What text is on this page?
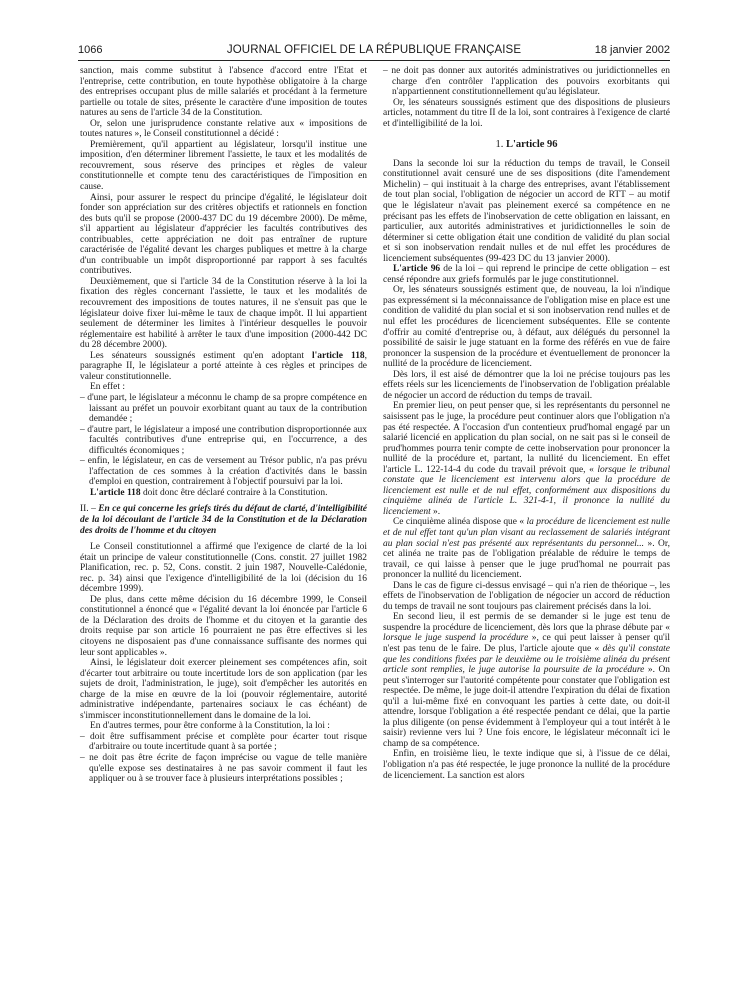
1066	JOURNAL OFFICIEL DE LA RÉPUBLIQUE FRANÇAISE	18 janvier 2002

sanction, mais comme substitut à l'absence d'accord entre l'Etat et l'entreprise, cette contribution, en toute hypothèse obligatoire à la charge des entreprises occupant plus de mille salariés et procédant à la fermeture partielle ou totale de sites, présente le caractère d'une imposition de toutes natures au sens de l'article 34 de la Constitution.

Or, selon une jurisprudence constante relative aux « impositions de toutes natures », le Conseil constitutionnel a décidé :

Premièrement, qu'il appartient au législateur, lorsqu'il institue une imposition, d'en déterminer librement l'assiette, le taux et les modalités de recouvrement, sous réserve des principes et règles de valeur constitutionnelle et compte tenu des caractéristiques de l'imposition en cause.

Ainsi, pour assurer le respect du principe d'égalité, le législateur doit fonder son appréciation sur des critères objectifs et rationnels en fonction des buts qu'il se propose (2000-437 DC du 19 décembre 2000). De même, s'il appartient au législateur d'apprécier les facultés contributives des contribuables, cette appréciation ne doit pas entraîner de rupture caractérisée de l'égalité devant les charges publiques et mettre à la charge d'un contribuable un impôt disproportionné par rapport à ses facultés contributives.

Deuxièmement, que si l'article 34 de la Constitution réserve à la loi la fixation des règles concernant l'assiette, le taux et les modalités de recouvrement des impositions de toutes natures, il ne s'ensuit pas que le législateur doive fixer lui-même le taux de chaque impôt. Il lui appartient seulement de déterminer les limites à l'intérieur desquelles le pouvoir réglementaire est habilité à arrêter le taux d'une imposition (2000-442 DC du 28 décembre 2000).

Les sénateurs soussignés estiment qu'en adoptant l'article 118, paragraphe II, le législateur a porté atteinte à ces règles et principes de valeur constitutionnelle.

En effet :

– d'une part, le législateur a méconnu le champ de sa propre compétence en laissant au préfet un pouvoir exorbitant quant au taux de la contribution demandée ;
– d'autre part, le législateur a imposé une contribution disproportionnée aux facultés contributives d'une entreprise qui, en l'occurrence, a des difficultés économiques ;
– enfin, le législateur, en cas de versement au Trésor public, n'a pas prévu l'affectation de ces sommes à la création d'activités dans le bassin d'emploi en question, contrairement à l'objectif poursuivi par la loi.

L'article 118 doit donc être déclaré contraire à la Constitution.

II. – En ce qui concerne les griefs tirés du défaut de clarté, d'intelligibilité de la loi découlant de l'article 34 de la Constitution et de la Déclaration des droits de l'homme et du citoyen

Le Conseil constitutionnel a affirmé que l'exigence de clarté de la loi était un principe de valeur constitutionnelle (Cons. constit. 27 juillet 1982 Planification, rec. p. 52, Cons. constit. 2 juin 1987, Nouvelle-Calédonie, rec. p. 34) ainsi que l'exigence d'intelligibilité de la loi (décision du 16 décembre 1999).

De plus, dans cette même décision du 16 décembre 1999, le Conseil constitutionnel a énoncé que « l'égalité devant la loi énoncée par l'article 6 de la Déclaration des droits de l'homme et du citoyen et la garantie des droits requise par son article 16 pourraient ne pas être effectives si les citoyens ne disposaient pas d'une connaissance suffisante des normes qui leur sont applicables ».

Ainsi, le législateur doit exercer pleinement ses compétences afin, soit d'écarter tout arbitraire ou toute incertitude lors de son application (par les sujets de droit, l'administration, le juge), soit d'empêcher les autorités en charge de la mise en œuvre de la loi (pouvoir réglementaire, autorité administrative indépendante, partenaires sociaux le cas échéant) de s'immiscer inconstitutionnellement dans le domaine de la loi.

En d'autres termes, pour être conforme à la Constitution, la loi :

– doit être suffisamment précise et complète pour écarter tout risque d'arbitraire ou toute incertitude quant à sa portée ;
– ne doit pas être écrite de façon imprécise ou vague de telle manière qu'elle expose ses destinataires à ne pas savoir comment il faut les appliquer ou à se trouver face à plusieurs interprétations possibles ;
– ne doit pas donner aux autorités administratives ou juridictionnelles en charge d'en contrôler l'application des pouvoirs exorbitants qui n'appartiennent constitutionnellement qu'au législateur.

Or, les sénateurs soussignés estiment que des dispositions de plusieurs articles, notamment du titre II de la loi, sont contraires à l'exigence de clarté et d'intelligibilité de la loi.

1. L'article 96

Dans la seconde loi sur la réduction du temps de travail, le Conseil constitutionnel avait censuré une de ses dispositions (dite l'amendement Michelin) – qui instituait à la charge des entreprises, avant l'établissement de tout plan social, l'obligation de négocier un accord de RTT – au motif que le législateur n'avait pas pleinement exercé sa compétence en ne précisant pas les effets de l'inobservation de cette obligation en laissant, en particulier, aux autorités administratives et juridictionnelles le soin de déterminer si cette obligation était une condition de validité du plan social et si son inobservation rendait nulles et de nul effet les procédures de licenciement subséquentes (99-423 DC du 13 janvier 2000).

L'article 96 de la loi – qui reprend le principe de cette obligation – est censé répondre aux griefs formulés par le juge constitutionnel.

Or, les sénateurs soussignés estiment que, de nouveau, la loi n'indique pas expressément si la méconnaissance de l'obligation mise en place est une condition de validité du plan social et si son inobservation rend nulles et de nul effet les procédures de licenciement subséquentes. Elle se contente d'offrir au comité d'entreprise ou, à défaut, aux délégués du personnel la possibilité de saisir le juge statuant en la forme des référés en vue de faire prononcer la suspension de la procédure et éventuellement de prononcer la nullité de la procédure de licenciement.

Dès lors, il est aisé de démontrer que la loi ne précise toujours pas les effets réels sur les licenciements de l'inobservation de l'obligation préalable de négocier un accord de réduction du temps de travail.

En premier lieu, on peut penser que, si les représentants du personnel ne saisissent pas le juge, la procédure peut continuer alors que l'obligation n'a pas été respectée. A l'occasion d'un contentieux prud'homal engagé par un salarié licencié en application du plan social, on ne sait pas si le conseil de prud'hommes pourra tenir compte de cette inobservation pour prononcer la nullité de la procédure et, partant, la nullité du licenciement. En effet l'article L. 122-14-4 du code du travail prévoit que, « lorsque le tribunal constate que le licenciement est intervenu alors que la procédure de licenciement est nulle et de nul effet, conformément aux dispositions du cinquième alinéa de l'article L. 321-4-1, il prononce la nullité du licenciement ».

Ce cinquième alinéa dispose que « la procédure de licenciement est nulle et de nul effet tant qu'un plan visant au reclassement de salariés intégrant au plan social n'est pas présenté aux représentants du personnel... ». Or, cet alinéa ne traite pas de l'obligation préalable de réduire le temps de travail, ce qui laisse à penser que le juge prud'homal ne pourrait pas prononcer la nullité du licenciement.

Dans le cas de figure ci-dessus envisagé – qui n'a rien de théorique –, les effets de l'inobservation de l'obligation de négocier un accord de réduction du temps de travail ne sont toujours pas clairement précisés dans la loi.

En second lieu, il est permis de se demander si le juge est tenu de suspendre la procédure de licenciement, dès lors que la phrase débute par « lorsque le juge suspend la procédure », ce qui peut laisser à penser qu'il n'est pas tenu de le faire. De plus, l'article ajoute que « dès qu'il constate que les conditions fixées par le deuxième ou le troisième alinéa du présent article sont remplies, le juge autorise la poursuite de la procédure ». On peut s'interroger sur l'autorité compétente pour constater que l'obligation est respectée. De même, le juge doit-il attendre l'expiration du délai de fixation qu'il a lui-même fixé en convoquant les parties à cette date, ou doit-il attendre, lorsque l'obligation a été respectée pendant ce délai, que la partie la plus diligente (on pense évidemment à l'employeur qui a tout intérêt à le saisir) revienne vers lui ? Une fois encore, le législateur méconnaît ici le champ de sa compétence.

Enfin, en troisième lieu, le texte indique que si, à l'issue de ce délai, l'obligation n'a pas été respectée, le juge prononce la nullité de la procédure de licenciement. La sanction est alors
